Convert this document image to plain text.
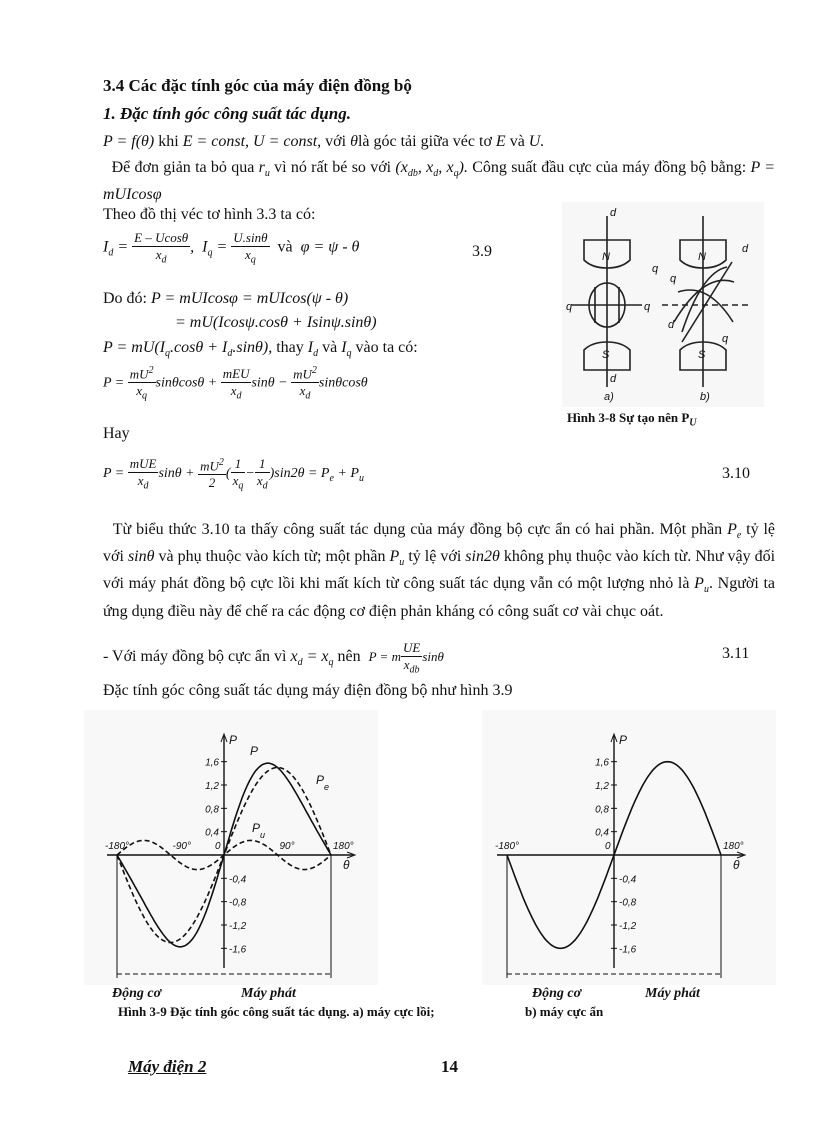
3.4 Các đặc tính góc của máy điện đồng bộ
1. Đặc tính góc công suất tác dụng.
P = f(θ) khi E = const, U = const, với θlà góc tải giữa véc tơ E và U.
Để đơn giản ta bỏ qua $r_u$ vì nó rất bé so với ($x_{db}$, $x_d$, $x_q$). Công suất đầu cực của máy đồng bộ bằng: P = mUIcosφ
Theo đồ thị véc tơ hình 3.3 ta có:
$I_d = \frac{E - Ucos\theta}{x_d}$ ,  $I_q = \frac{U.\sin\theta}{x_q}$ và φ = ψ - θ	3.9
Do đó: P = mUIcosφ = mUIcos(ψ - θ)
= mU(Icosψ.cosθ + Isinψ.sinθ)
$P = mU(I_q.\cos\theta + I_d.\sin\theta)$, thay $I_d$ và $I_q$ vào ta có:
$P = \frac{mU^2}{x_q}$ $\sin\theta\cos\theta + \frac{\text{mEU}}{x_d}$ $\sin\theta - \frac{mU^2}{x_d}$ sinθcosθ
Hay
$P = \frac{\text{mUE}}{x_d}$ $\sin\theta + \frac{mU^2}{2}$ ( $\frac{1}{x_q} - \frac{1}{x_d} )\sin 2\theta = P_e + P_u$	3.10
Từ biểu thức 3.10 ta thấy công suất tác dụng của máy đồng bộ cực ẩn có hai phần. Một phần $P_e$ tỷ lệ với sinθ và phụ thuộc vào kích từ; một phần $P_u$ tỷ lệ với sin2θ không phụ thuộc vào kích từ. Như vậy đối với máy phát đồng bộ cực lồi khi mất kích từ công suất tác dụng vẫn có một lượng nhỏ là $P_u$. Người ta ứng dụng điều này để chế ra các động cơ điện phản kháng có công suất cơ vài chục oát.
- Với máy đồng bộ cực ẩn vì $x_d = x_q$ nên P = m $\frac{UE}{x_{db}}$ sinθ	3.11
Đặc tính góc công suất tác dụng máy điện đồng bộ như hình 3.9
d
N	N
d
q
q	q
q
d
q
S	S
d
a)	b)
Hình 3-8 Sự tạo nên $P_U$
1,6
1,2
0,8
0,4
-0,4
-0,8
-1,2
-1,6
-180°	-90° 0	90°	180°
θ
P
P
P e
P u
1,6
1,2
0,8
0,4
-0,4
-0,8
-1,2
-1,6
-180°	0	180°
θ
P
Động cơ	Máy phát	Động cơ	Máy phát
Hình 3-9 Đặc tính góc công suất tác dụng. a) máy cực lồi;	b) máy cực ẩn
Máy điện 2	14
